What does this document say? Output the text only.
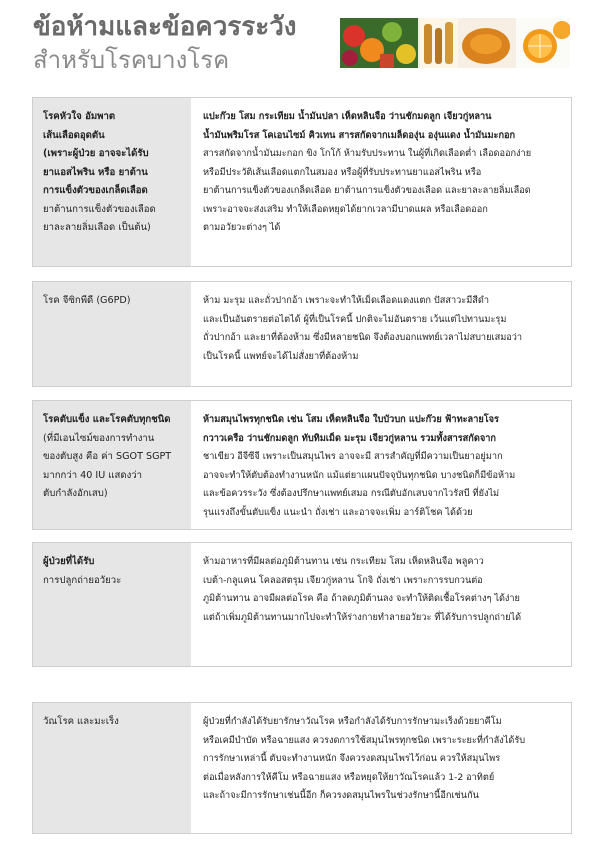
ข้อห้ามและข้อควรระวัง
สำหรับโรคบางโรค
โรคหัวใจ อัมพาต
เส้นเลือดอุดตัน
(เพราะผู้ป่วย อาจจะได้รับ
ยาแอสไพริน หรือ ยาต้าน
การแข็งตัวของเกล็ดเลือด
ยาต้านการแข็งตัวของเลือด
ยาละลายลิ่มเลือด เป็นต้น)
แปะก๊วย โสม กระเทียม น้ำมันปลา เห็ดหลินจือ ว่านชักมดลูก เจียวกู่หลาน
น้ำมันพริมโรส โคเอนไซม์ คิวเทน สารสกัดจากเมล็ดองุ่น องุ่นแดง น้ำมันมะกอก
สารสกัดจากน้ำมันมะกอก ขิง โกโก้ ห้ามรับประทาน ในผู้ที่เกิดเลือดต่ำ เลือดออกง่าย
หรือมีประวัติเส้นเลือดแตกในสมอง หรือผู้ที่รับประทานยาแอสไพริน หรือ
ยาต้านการแข็งตัวของเกล็ดเลือด ยาต้านการแข็งตัวของเลือด และยาละลายลิ่มเลือด
เพราะอาจจะส่งเสริม ทำให้เลือดหยุดได้ยากเวลามีบาดแผล หรือเลือดออก
ตามอวัยวะต่างๆ ได้
โรค จีซิกพีดี (G6PD)	ห้าม มะรุม และถั่วปากอ้า เพราะจะทำให้เม็ดเลือดแดงแตก ปัสสาวะมีสีดำ
และเป็นอันตรายต่อไตได้ ผู้ที่เป็นโรคนี้ ปกติจะไม่อันตราย เว้นแต่ไปทานมะรุม
ถั่วปากอ้า และยาที่ต้องห้าม ซึ่งมีหลายชนิด จึงต้องบอกแพทย์เวลาไม่สบายเสมอว่า
เป็นโรคนี้ แพทย์จะได้ไม่สั่งยาที่ต้องห้าม
โรคตับแข็ง และโรคตับทุกชนิด
(ที่มีเอนไซม์ของการทำงาน
ของตับสูง คือ ค่า SGOT SGPT
มากกว่า 40 IU แสดงว่า
ตับกำลังอักเสบ)
ห้ามสมุนไพรทุกชนิด เช่น โสม เห็ดหลินจือ ใบบัวบก แปะก๊วย ฟ้าทะลายโจร
กวาวเครือ ว่านชักมดลูก ทับทิมเม็ด มะรุม เจียวกู่หลาน รวมทั้งสารสกัดจาก
ชาเขียว อีจีซีจี เพราะเป็นสมุนไพร อาจจะมี สารสำคัญที่มีความเป็นยาอยู่มาก
อาจจะทำให้ตับต้องทำงานหนัก แม้แต่ยาแผนปัจจุบันทุกชนิด บางชนิดก็มีข้อห้าม
และข้อควรระวัง ซึ่งต้องปรึกษาแพทย์เสมอ กรณีตับอักเสบจากไวรัสบี ที่ยังไม่
รุนแรงถึงขั้นตับแข็ง แนะนำ ถั่งเช่า และอาจจะเพิ่ม อาร์ติโชค ได้ด้วย
ผู้ป่วยที่ได้รับ
การปลูกถ่ายอวัยวะ
ห้ามอาหารที่มีผลต่อภูมิต้านทาน เช่น กระเทียม โสม เห็ดหลินจือ พลูคาว
เบต้า-กลูแคน โคลอสตรุม เจียวกู่หลาน โกจิ ถั่งเช่า เพราะการรบกวนต่อ
ภูมิต้านทาน อาจมีผลต่อโรค คือ ถ้าลดภูมิต้านลง จะทำให้ติดเชื้อโรคต่างๆ ได้ง่าย
แต่ถ้าเพิ่มภูมิต้านทานมากไปจะทำให้ร่างกายทำลายอวัยวะ ที่ได้รับการปลูกถ่ายได้
วัณโรค และมะเร็ง	ผู้ป่วยที่กำลังได้รับยารักษาวัณโรค หรือกำลังได้รับการรักษามะเร็งด้วยยาคีโม
หรือเคมีบำบัด หรือฉายแสง ควรงดการใช้สมุนไพรทุกชนิด เพราะระยะที่กำลังได้รับ
การรักษาเหล่านี้ ตับจะทำงานหนัก จึงควรงดสมุนไพรไว้ก่อน ควรให้สมุนไพร
ต่อเมื่อหลังการให้คีโม หรือฉายแสง หรือหยุดให้ยาวัณโรคแล้ว 1-2 อาทิตย์
และถ้าจะมีการรักษาเช่นนี้อีก ก็ควรงดสมุนไพรในช่วงรักษานี้อีกเช่นกัน
